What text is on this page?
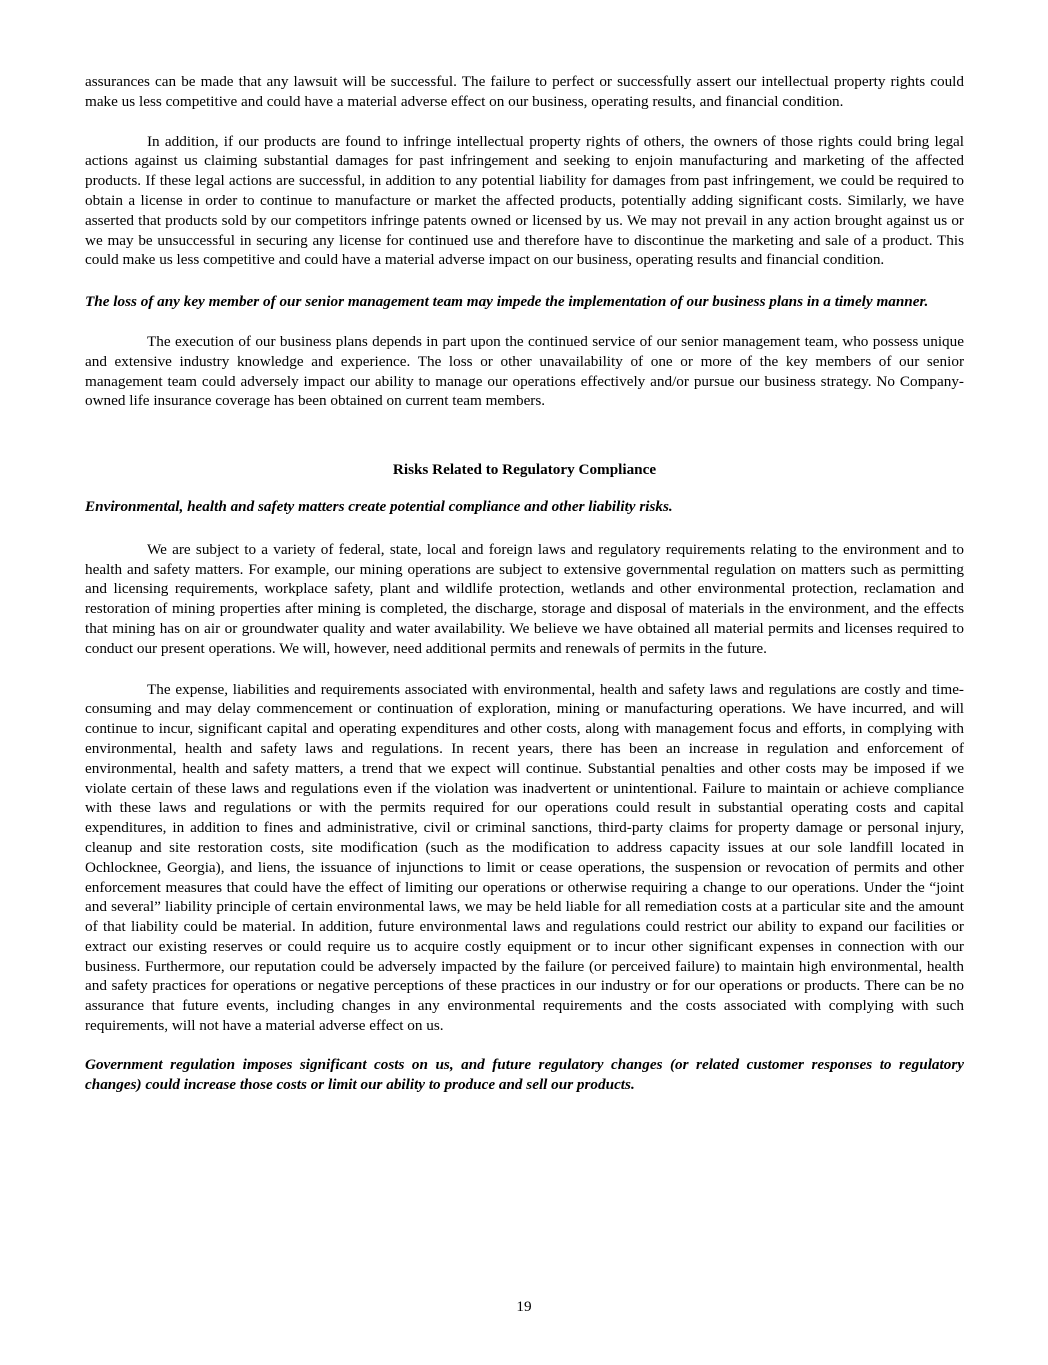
assurances can be made that any lawsuit will be successful. The failure to perfect or successfully assert our intellectual property rights could make us less competitive and could have a material adverse effect on our business, operating results, and financial condition.

In addition, if our products are found to infringe intellectual property rights of others, the owners of those rights could bring legal actions against us claiming substantial damages for past infringement and seeking to enjoin manufacturing and marketing of the affected products. If these legal actions are successful, in addition to any potential liability for damages from past infringement, we could be required to obtain a license in order to continue to manufacture or market the affected products, potentially adding significant costs. Similarly, we have asserted that products sold by our competitors infringe patents owned or licensed by us. We may not prevail in any action brought against us or we may be unsuccessful in securing any license for continued use and therefore have to discontinue the marketing and sale of a product. This could make us less competitive and could have a material adverse impact on our business, operating results and financial condition.

The loss of any key member of our senior management team may impede the implementation of our business plans in a timely manner.

The execution of our business plans depends in part upon the continued service of our senior management team, who possess unique and extensive industry knowledge and experience. The loss or other unavailability of one or more of the key members of our senior management team could adversely impact our ability to manage our operations effectively and/or pursue our business strategy. No Company-owned life insurance coverage has been obtained on current team members.

Risks Related to Regulatory Compliance

Environmental, health and safety matters create potential compliance and other liability risks.

We are subject to a variety of federal, state, local and foreign laws and regulatory requirements relating to the environment and to health and safety matters. For example, our mining operations are subject to extensive governmental regulation on matters such as permitting and licensing requirements, workplace safety, plant and wildlife protection, wetlands and other environmental protection, reclamation and restoration of mining properties after mining is completed, the discharge, storage and disposal of materials in the environment, and the effects that mining has on air or groundwater quality and water availability. We believe we have obtained all material permits and licenses required to conduct our present operations. We will, however, need additional permits and renewals of permits in the future.

The expense, liabilities and requirements associated with environmental, health and safety laws and regulations are costly and time-consuming and may delay commencement or continuation of exploration, mining or manufacturing operations. We have incurred, and will continue to incur, significant capital and operating expenditures and other costs, along with management focus and efforts, in complying with environmental, health and safety laws and regulations. In recent years, there has been an increase in regulation and enforcement of environmental, health and safety matters, a trend that we expect will continue. Substantial penalties and other costs may be imposed if we violate certain of these laws and regulations even if the violation was inadvertent or unintentional. Failure to maintain or achieve compliance with these laws and regulations or with the permits required for our operations could result in substantial operating costs and capital expenditures, in addition to fines and administrative, civil or criminal sanctions, third-party claims for property damage or personal injury, cleanup and site restoration costs, site modification (such as the modification to address capacity issues at our sole landfill located in Ochlocknee, Georgia), and liens, the issuance of injunctions to limit or cease operations, the suspension or revocation of permits and other enforcement measures that could have the effect of limiting our operations or otherwise requiring a change to our operations. Under the “joint and several” liability principle of certain environmental laws, we may be held liable for all remediation costs at a particular site and the amount of that liability could be material. In addition, future environmental laws and regulations could restrict our ability to expand our facilities or extract our existing reserves or could require us to acquire costly equipment or to incur other significant expenses in connection with our business. Furthermore, our reputation could be adversely impacted by the failure (or perceived failure) to maintain high environmental, health and safety practices for operations or negative perceptions of these practices in our industry or for our operations or products. There can be no assurance that future events, including changes in any environmental requirements and the costs associated with complying with such requirements, will not have a material adverse effect on us.

Government regulation imposes significant costs on us, and future regulatory changes (or related customer responses to regulatory changes) could increase those costs or limit our ability to produce and sell our products.

19
